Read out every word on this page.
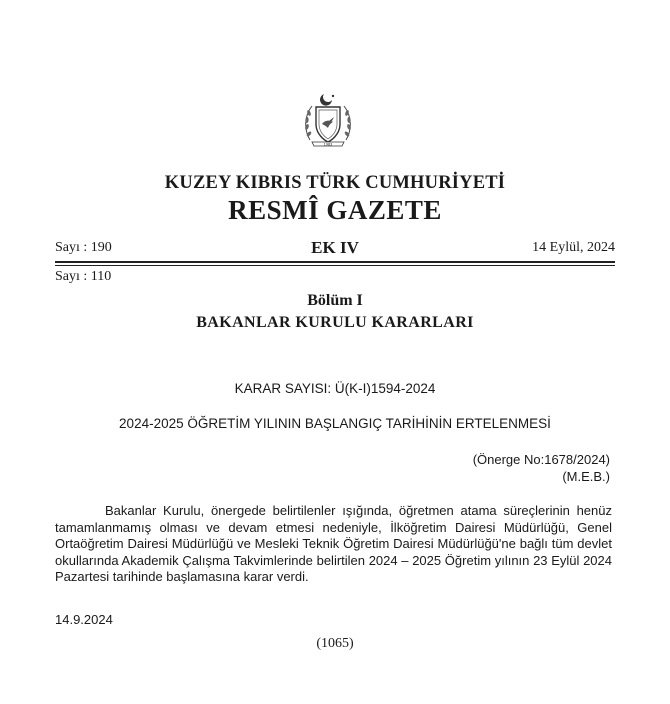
1983
KUZEY KIBRIS TÜRK CUMHURİYETİ
RESMÎ GAZETE
Sayı : 190	EK IV	14 Eylül, 2024
Sayı : 110
Bölüm I
BAKANLAR KURULU KARARLARI
KARAR SAYISI: Ü(K-I)1594-2024
2024-2025 ÖĞRETİM YILININ BAŞLANGIÇ TARİHİNİN ERTELENMESİ
(Önerge No:1678/2024)
(M.E.B.)
Bakanlar Kurulu, önergede belirtilenler ışığında, öğretmen atama süreçlerinin henüz tamamlanmamış olması ve devam etmesi nedeniyle, İlköğretim Dairesi Müdürlüğü, Genel Ortaöğretim Dairesi Müdürlüğü ve Mesleki Teknik Öğretim Dairesi Müdürlüğü'ne bağlı tüm devlet okullarında Akademik Çalışma Takvimlerinde belirtilen 2024 – 2025 Öğretim yılının 23 Eylül 2024 Pazartesi tarihinde başlamasına karar verdi.
14.9.2024
(1065)
